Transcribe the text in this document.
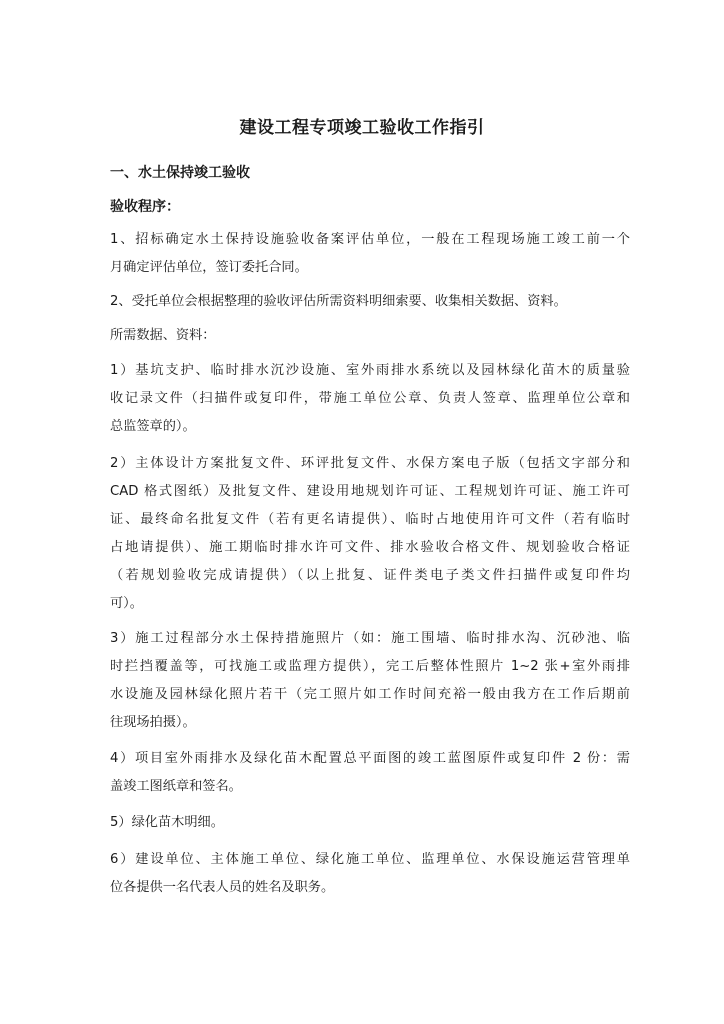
建设工程专项竣工验收工作指引
一、水土保持竣工验收
验收程序：

1、招标确定水土保持设施验收备案评估单位，一般在工程现场施工竣工前一个
月确定评估单位，签订委托合同。

2、受托单位会根据整理的验收评估所需资料明细索要、收集相关数据、资料。

所需数据、资料：

1）基坑支护、临时排水沉沙设施、室外雨排水系统以及园林绿化苗木的质量验
收记录文件（扫描件或复印件，带施工单位公章、负责人签章、监理单位公章和
总监签章的）。

2）主体设计方案批复文件、环评批复文件、水保方案电子版（包括文字部分和
CAD 格式图纸）及批复文件、建设用地规划许可证、工程规划许可证、施工许可
证、最终命名批复文件（若有更名请提供）、临时占地使用许可文件（若有临时
占地请提供）、施工期临时排水许可文件、排水验收合格文件、规划验收合格证
（若规划验收完成请提供）（以上批复、证件类电子类文件扫描件或复印件均
可）。

3）施工过程部分水土保持措施照片（如：施工围墙、临时排水沟、沉砂池、临
时拦挡覆盖等，可找施工或监理方提供），完工后整体性照片 1~2 张+室外雨排
水设施及园林绿化照片若干（完工照片如工作时间充裕一般由我方在工作后期前
往现场拍摄）。

4）项目室外雨排水及绿化苗木配置总平面图的竣工蓝图原件或复印件 2 份：需
盖竣工图纸章和签名。

5）绿化苗木明细。

6）建设单位、主体施工单位、绿化施工单位、监理单位、水保设施运营管理单
位各提供一名代表人员的姓名及职务。
